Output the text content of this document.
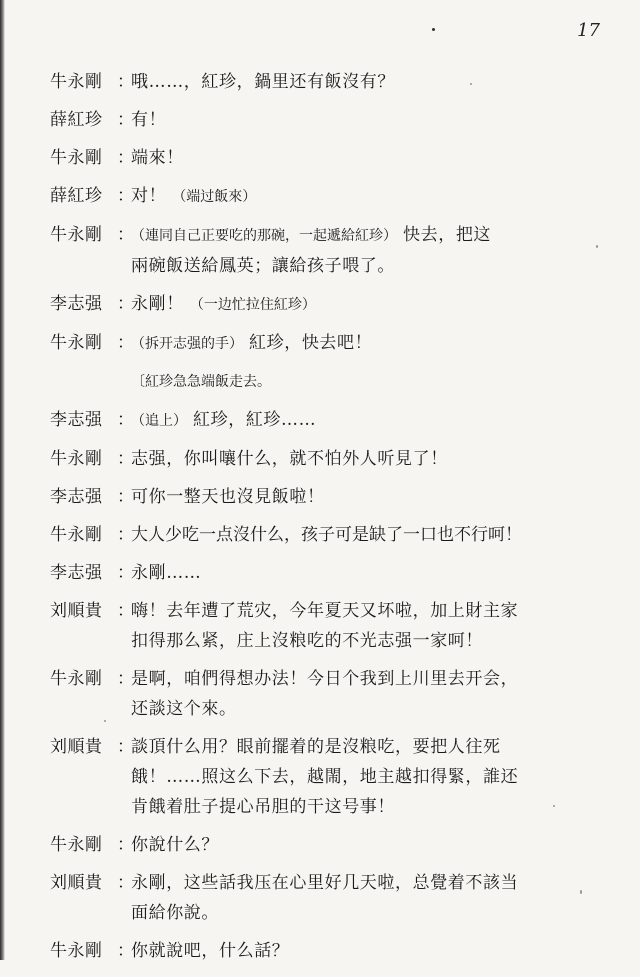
17
牛永剛 ：
哦……，紅珍，鍋里还有飯沒有？
薛紅珍 ：
有！
牛永剛 ：
端來！
薛紅珍 ：
对！ （端过飯來）
牛永剛 ：
（連同自己正要吃的那碗，一起遞給紅珍） 快去，把这
兩碗飯送給鳳英；讓給孩子喂了。
李志强 ：
永剛！ （一边忙拉住紅珍）
牛永剛 ：
（拆开志强的手） 紅珍，快去吧！
〔紅珍急急端飯走去。
李志强 ：
（追上） 紅珍，紅珍……
牛永剛 ：
志强，你叫嚷什么，就不怕外人听見了！
李志强 ：
可你一整天也沒見飯啦！
牛永剛 ：
大人少吃一点沒什么，孩子可是缺了一口也不行呵！
李志强 ：
永剛……
刘順貴 ：
嗨！去年遭了荒灾，今年夏天又坏啦，加上財主家
扣得那么紧，庄上沒粮吃的不光志强一家呵！
牛永剛 ：
是啊，咱們得想办法！今日个我到上川里去开会，
还談这个來。
刘順貴 ：
談頂什么用？眼前擺着的是沒粮吃，要把人往死
餓！……照这么下去，越閙，地主越扣得緊，誰还
肯餓着肚子提心吊胆的干这号事！
牛永剛 ：
你說什么？
刘順貴 ：
永剛，这些話我压在心里好几天啦，总覺着不該当
面給你說。
牛永剛 ：
你就說吧，什么話？
